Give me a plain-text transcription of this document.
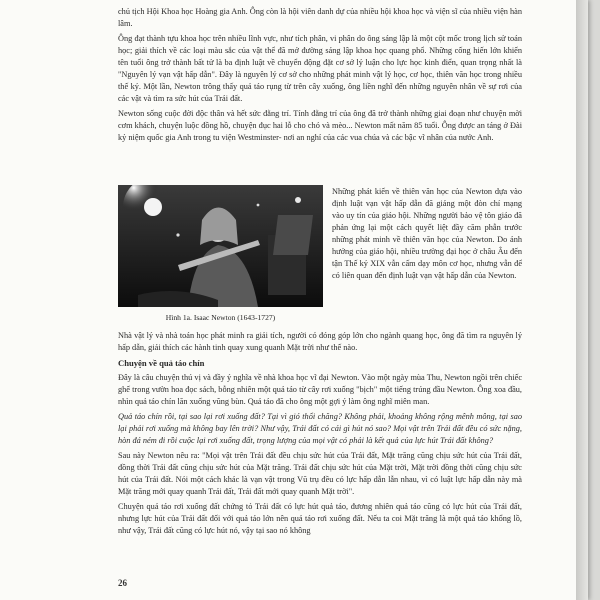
chủ tịch Hội Khoa học Hoàng gia Anh. Ông còn là hội viên danh dự của nhiều hội khoa học và viện sĩ của nhiều viện hàn lâm.

Ông đạt thành tựu khoa học trên nhiều lĩnh vực, như tích phân, vi phân do ông sáng lập là một cột mốc trong lịch sử toán học; giải thích về các loại màu sắc của vật thể đã mở đường sáng lập khoa học quang phổ. Những cống hiến lớn khiến tên tuổi ông trở thành bất tử là ba định luật về chuyển động đặt cơ sở lý luận cho lực học kinh điển, quan trọng nhất là "Nguyên lý vạn vật hấp dẫn". Đây là nguyên lý cơ sở cho những phát minh vật lý học, cơ học, thiên văn học trong nhiều thế kỷ. Một lần, Newton trông thấy quả táo rụng từ trên cây xuống, ông liền nghĩ đến những nguyên nhân về sự rơi của các vật và tìm ra sức hút của Trái đất.

Newton sống cuộc đời độc thân và hết sức đằng trí. Tính đằng trí của ông đã trở thành những giai đoạn như chuyện mời cơm khách, chuyện luộc đồng hồ, chuyện đục hai lỗ cho chó và mèo... Newton mất năm 85 tuổi. Ông được an táng ở Đài kỷ niệm quốc gia Anh trong tu viện Westminster- nơi an nghỉ của các vua chúa và các bậc vĩ nhân của nước Anh.

Hình 1a. Isaac Newton (1643-1727)
Những phát kiến về thiên văn học của Newton dựa vào định luật vạn vật hấp dẫn đã giáng một đòn chí mạng vào uy tín của giáo hội. Những người bảo vệ tôn giáo đã phản ứng lại một cách quyết liệt đầy căm phẫn trước những phát minh về thiên văn học của Newton. Do ảnh hưởng của giáo hội, nhiều trường đại học ở châu Âu đến tận Thế kỷ XIX vẫn cấm dạy môn cơ học, nhưng vẫn để có liên quan đến định luật vạn vật hấp dẫn của Newton.

Nhà vật lý và nhà toán học phát minh ra giải tích, người có đóng góp lớn cho ngành quang học, ông đã tìm ra nguyên lý hấp dẫn, giải thích các hành tinh quay xung quanh Mặt trời như thế nào.

Chuyện về quả táo chín

Đây là câu chuyện thú vị và đầy ý nghĩa về nhà khoa học vĩ đại Newton. Vào một ngày mùa Thu, Newton ngồi trên chiếc ghế trong vườn hoa đọc sách, bỗng nhiên một quả táo từ cây rơi xuống "bịch" một tiếng trúng đầu Newton. Ông xoa đầu, nhìn quả táo chín lăn xuống vũng bùn. Quả táo đã cho ông một gợi ý làm ông nghĩ miên man.

Quả táo chín rồi, tại sao lại rơi xuống đất? Tại vì gió thổi chăng? Không phải, khoảng không rộng mênh mông, tại sao lại phải rơi xuống mà không bay lên trời? Như vậy, Trái đất có cái gì hút nó sao? Mọi vật trên Trái đất đều có sức nặng, hòn đá ném đi rồi cuộc lại rơi xuống đất, trọng lượng của mọi vật có phải là kết quả của lực hút Trái đất không?

Sau này Newton nêu ra: "Mọi vật trên Trái đất đều chịu sức hút của Trái đất, Mặt trăng cũng chịu sức hút của Trái đất, đồng thời Trái đất cũng chịu sức hút của Mặt trăng. Trái đất chịu sức hút của Mặt trời, Mặt trời đồng thời cũng chịu sức hút của Trái đất. Nói một cách khác là vạn vật trong Vũ trụ đều có lực hấp dẫn lẫn nhau, vì có luật lực hấp dẫn này mà Mặt trăng mới quay quanh Trái đất, Trái đất mới quay quanh Mặt trời".

Chuyện quả táo rơi xuống đất chứng tỏ Trái đất có lực hút quả táo, đương nhiên quả táo cũng có lực hút của Trái đất, nhưng lực hút của Trái đất đối với quả táo lớn nên quả táo rơi xuống đất. Nếu ta coi Mặt trăng là một quả táo khổng lồ, như vậy, Trái đất cũng có lực hút nó, vậy tại sao nó không

26
